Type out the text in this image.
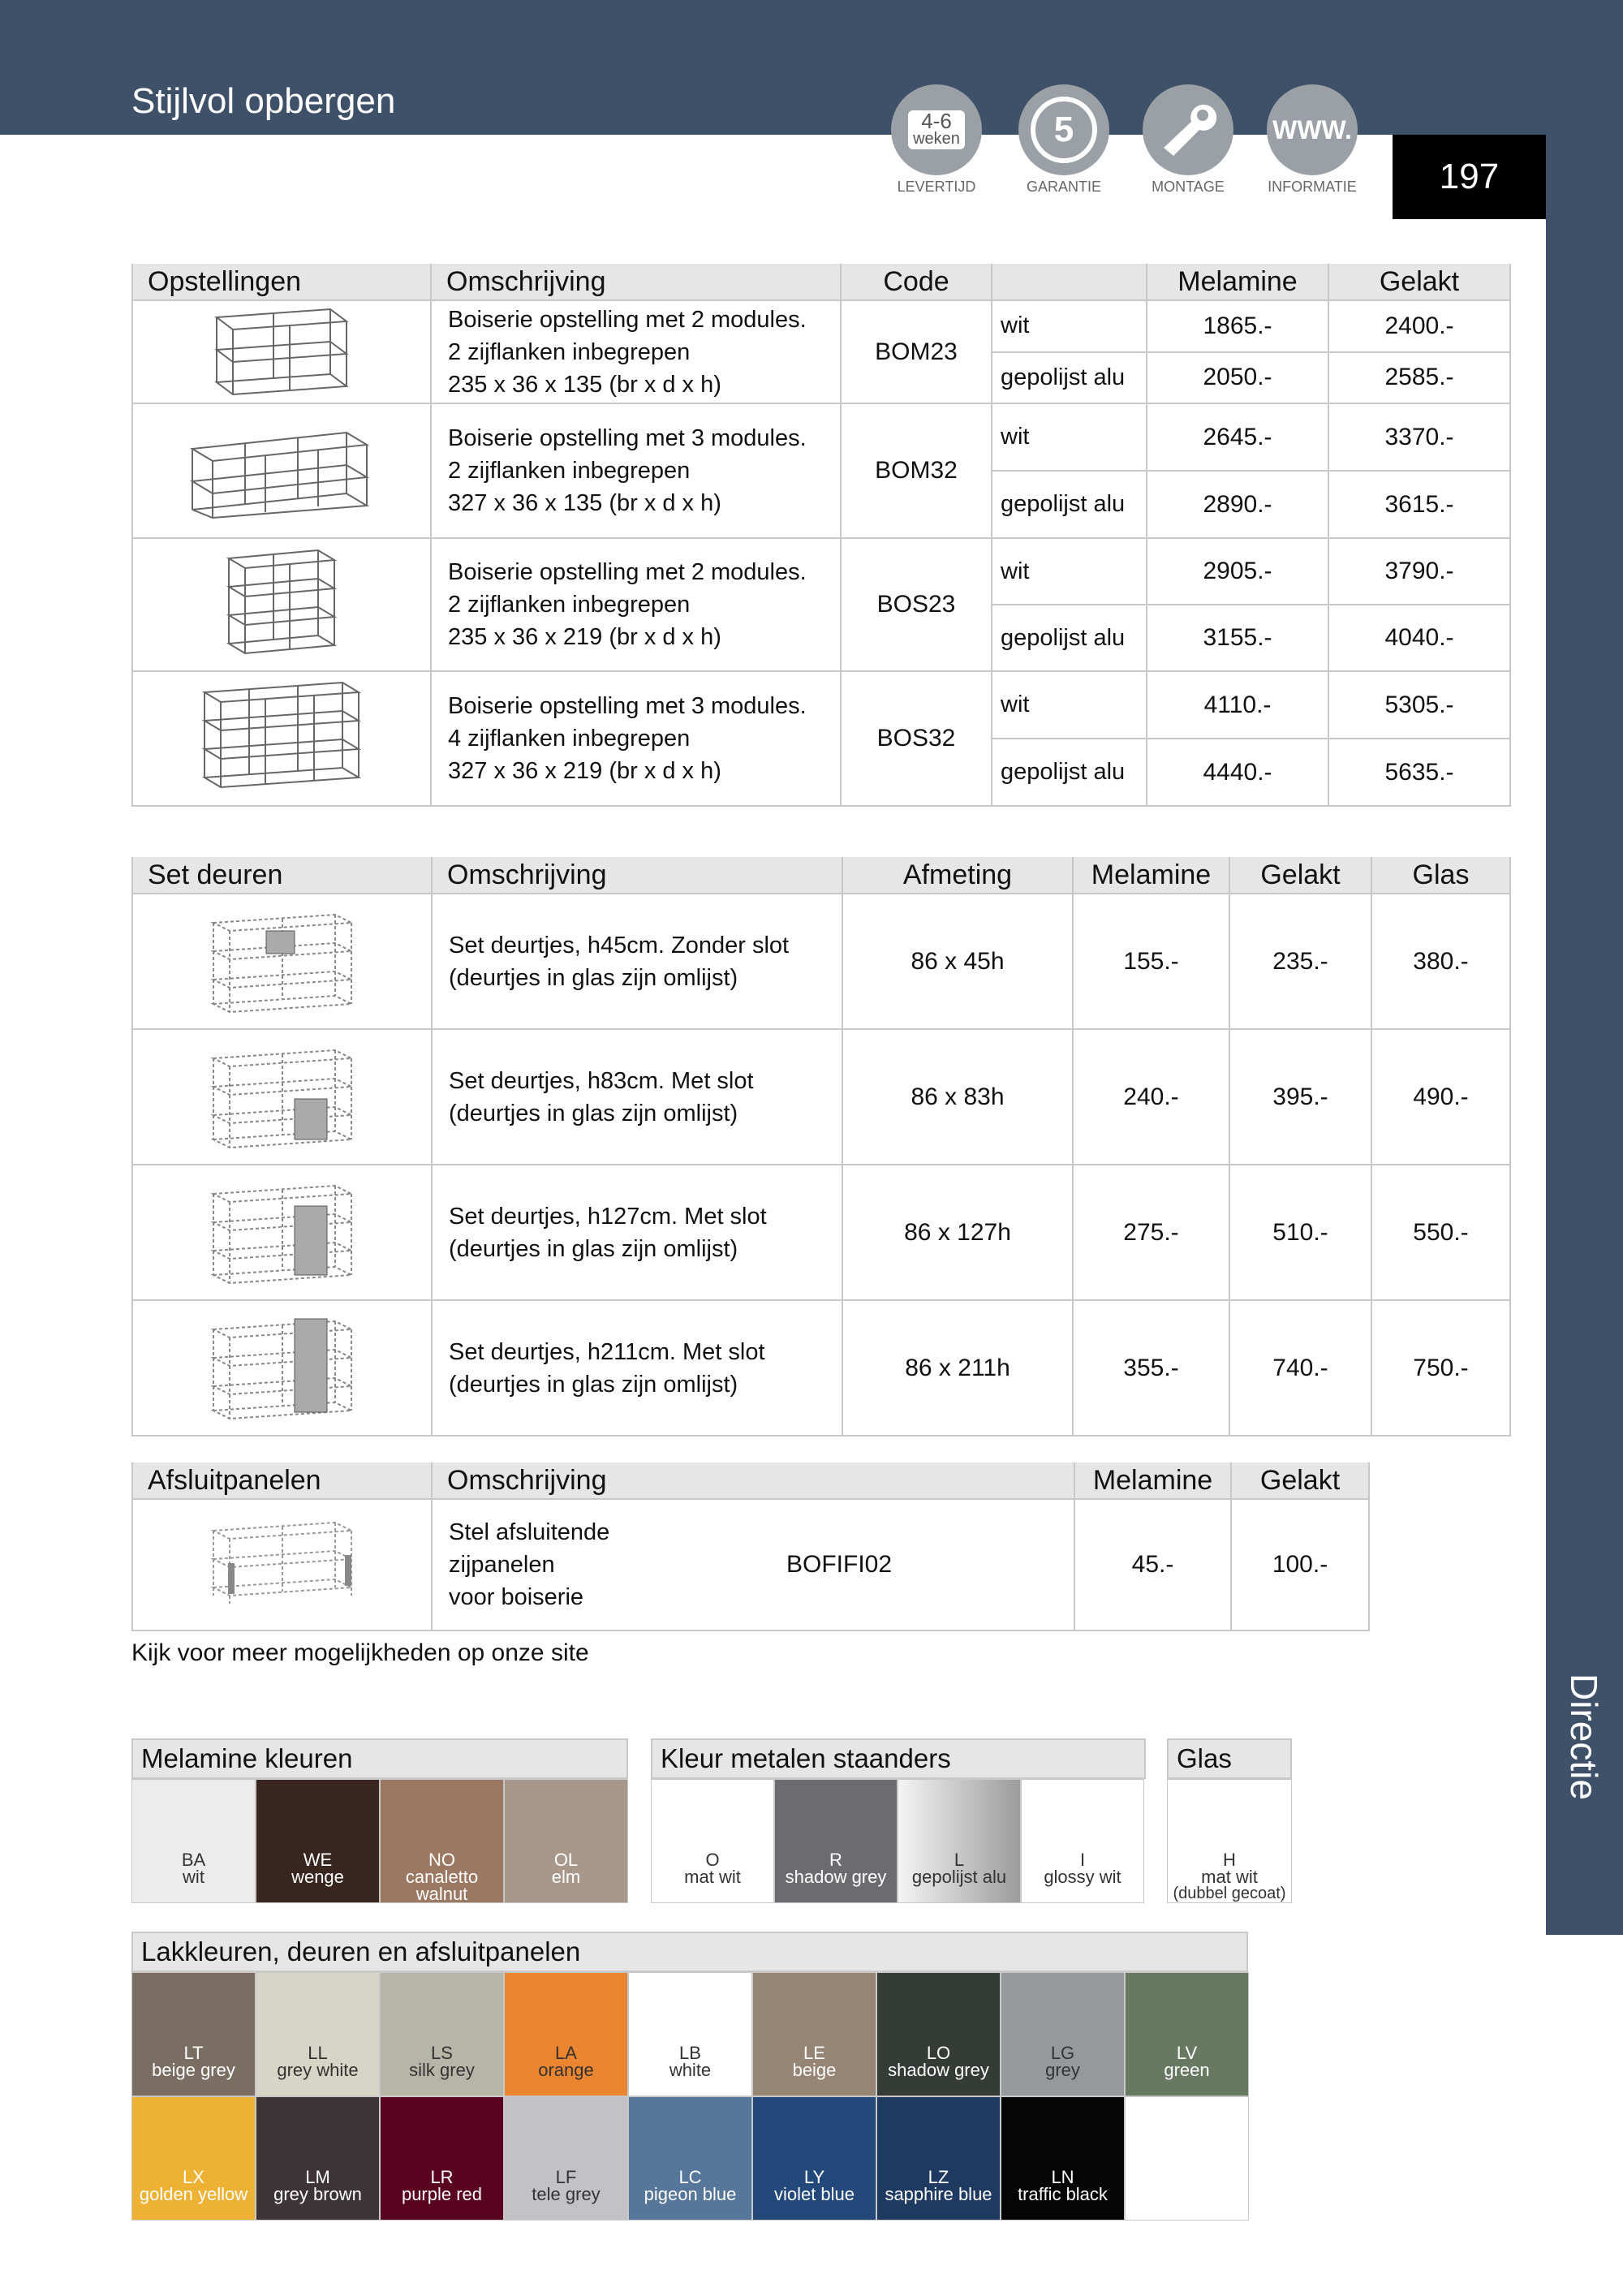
Stijlvol opbergen
197
Directie
4-6
weken
LEVERTIJD
5
GARANTIE	MONTAGE
WWW.
INFORMATIE
Opstellingen	Omschrijving	Code		Melamine	Gelakt

Boiserie opstelling met 2 modules.
2 zijflanken inbegrepen
235 x 36 x 135 (br x d x h)	BOM23	wit	1865.-	2400.-
			gepolijst alu	2050.-	2585.-

Boiserie opstelling met 3 modules.
2 zijflanken inbegrepen
327 x 36 x 135 (br x d x h)	BOM32	wit	2645.-	3370.-
			gepolijst alu	2890.-	3615.-

Boiserie opstelling met 2 modules.
2 zijflanken inbegrepen
235 x 36 x 219 (br x d x h)	BOS23	wit	2905.-	3790.-
			gepolijst alu	3155.-	4040.-

Boiserie opstelling met 3 modules.
4 zijflanken inbegrepen
327 x 36 x 219 (br x d x h)	BOS32	wit	4110.-	5305.-
			gepolijst alu	4440.-	5635.-
Set deuren	Omschrijving	Afmeting	Melamine	Gelakt	Glas

Set deurtjes, h45cm. Zonder slot
(deurtjes in glas zijn omlijst)	86 x 45h	155.-	235.-	380.-

Set deurtjes, h83cm. Met slot
(deurtjes in glas zijn omlijst)	86 x 83h	240.-	395.-	490.-

Set deurtjes, h127cm. Met slot
(deurtjes in glas zijn omlijst)	86 x 127h	275.-	510.-	550.-

Set deurtjes, h211cm. Met slot
(deurtjes in glas zijn omlijst)	86 x 211h	355.-	740.-	750.-
Afsluitpanelen	Omschrijving		Melamine	Gelakt

Stel afsluitende zijpanelen
voor boiserie	BOFIFI02	45.-	100.-
Kijk voor meer mogelijkheden op onze site
Melamine kleuren
BA
wit
WE
wenge
NO
canaletto walnut
OL
elm
Kleur metalen staanders
O
mat wit
R
shadow grey
L
gepolijst alu
I
glossy wit
Glas
H
mat wit
(dubbel gecoat)
Lakkleuren, deuren en afsluitpanelen
LT
beige grey
LL
grey white
LS
silk grey
LA
orange
LB
white
LE
beige
LO
shadow grey
LG
grey
LV
green
LX
golden yellow
LM
grey brown
LR
purple red
LF
tele grey
LC
pigeon blue
LY
violet blue
LZ
sapphire blue
LN
traffic black
